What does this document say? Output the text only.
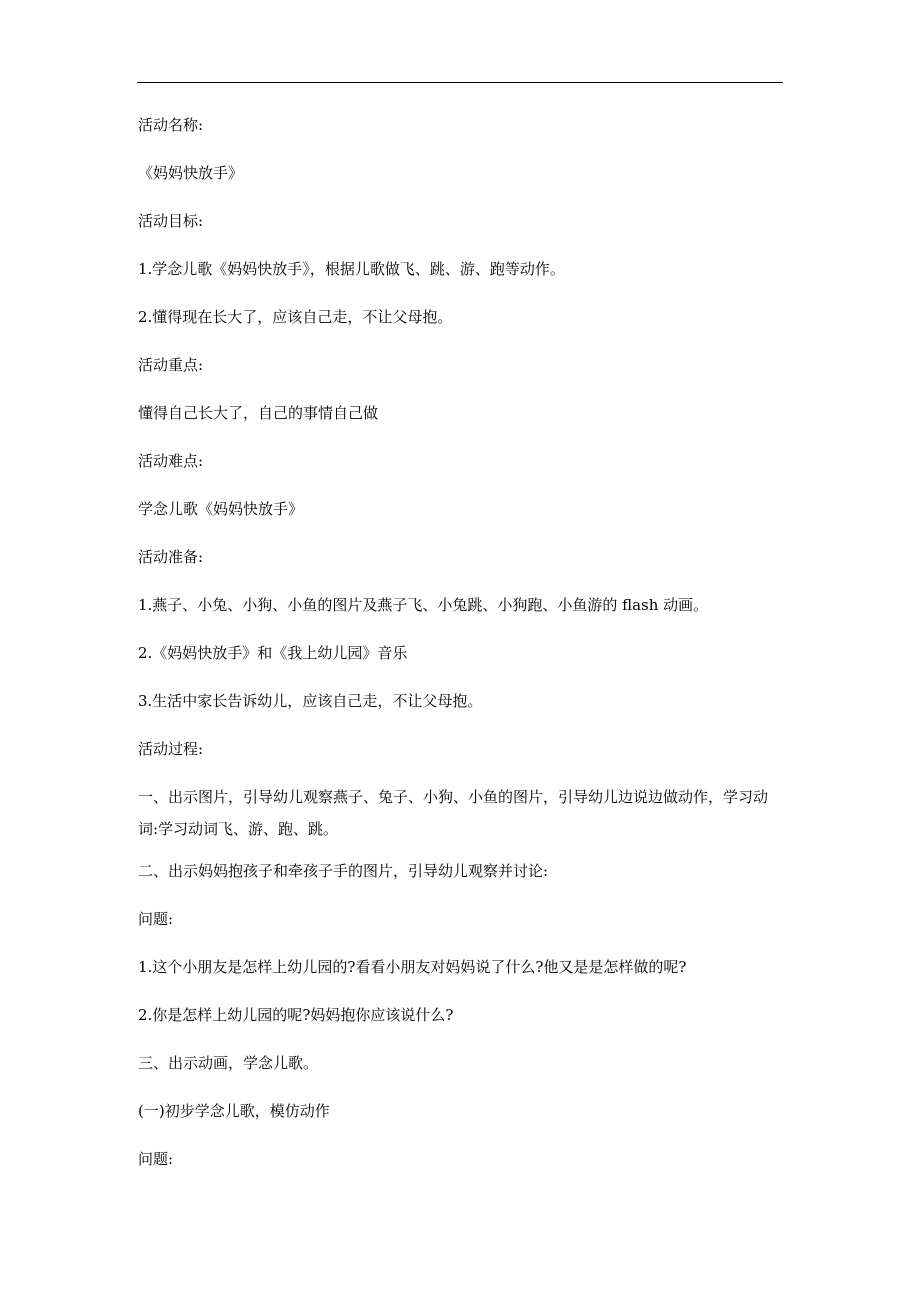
活动名称:

《妈妈快放手》

活动目标:

1.学念儿歌《妈妈快放手》，根据儿歌做飞、跳、游、跑等动作。

2.懂得现在长大了，应该自己走，不让父母抱。

活动重点:

懂得自己长大了，自己的事情自己做

活动难点:

学念儿歌《妈妈快放手》

活动准备:

1.燕子、小兔、小狗、小鱼的图片及燕子飞、小兔跳、小狗跑、小鱼游的 flash 动画。

2.《妈妈快放手》和《我上幼儿园》音乐

3.生活中家长告诉幼儿，应该自己走，不让父母抱。

活动过程:

一、出示图片，引导幼儿观察燕子、兔子、小狗、小鱼的图片，引导幼儿边说边做动作，学习动词:学习动词飞、游、跑、跳。

二、出示妈妈抱孩子和牵孩子手的图片，引导幼儿观察并讨论:

问题:

1.这个小朋友是怎样上幼儿园的?看看小朋友对妈妈说了什么?他又是是怎样做的呢?

2.你是怎样上幼儿园的呢?妈妈抱你应该说什么?

三、出示动画，学念儿歌。

(一)初步学念儿歌，模仿动作

问题:
